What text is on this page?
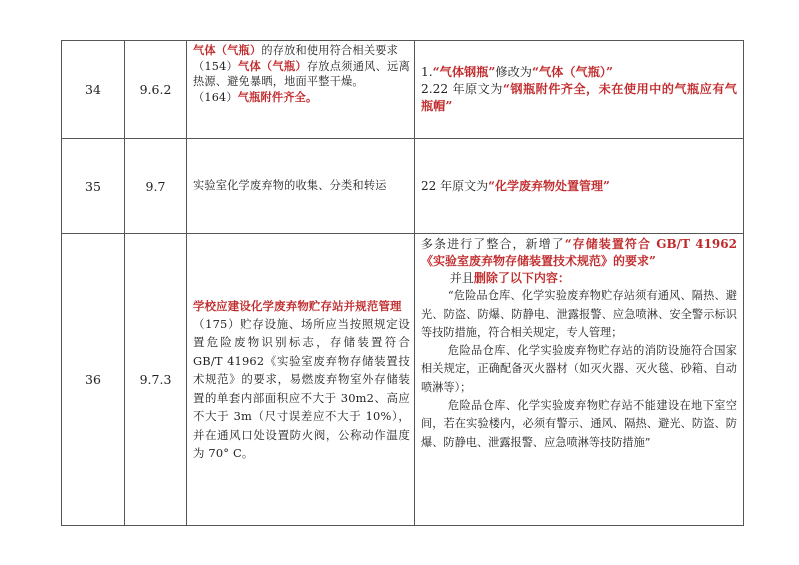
34	9.6.2	气体（气瓶）的存放和使用符合相关要求
（154）气体（气瓶）存放点须通风、远离热源、避免暴晒，地面平整干燥。
（164）气瓶附件齐全。	1.“气体钢瓶”修改为“气体（气瓶）”
2.22 年原文为“钢瓶附件齐全，未在使用中的气瓶应有气瓶帽”

35	9.7	实验室化学废弃物的收集、分类和转运	22 年原文为“化学废弃物处置管理”
36	9.7.3	学校应建设化学废弃物贮存站并规范管理
（175）贮存设施、场所应当按照规定设置危险废物识别标志，存储装置符合 GB/T 41962《实验室废弃物存储装置技术规范》的要求，易燃废弃物室外存储装置的单套内部面积应不大于 30m2、高应不大于 3m（尺寸误差应不大于 10%），并在通风口处设置防火阀，公称动作温度为 70° C。	多条进行了整合，新增了“存储装置符合 GB/T 41962《实验室废弃物存储装置技术规范》的要求”
并且删除了以下内容：
“危险品仓库、化学实验废弃物贮存站须有通风、隔热、避光、防盗、防爆、防静电、泄露报警、应急喷淋、安全警示标识等技防措施，符合相关规定，专人管理；
危险品仓库、化学实验废弃物贮存站的消防设施符合国家相关规定，正确配备灭火器材（如灭火器、灭火毯、砂箱、自动喷淋等）；
危险品仓库、化学实验废弃物贮存站不能建设在地下室空间，若在实验楼内，必须有警示、通风、隔热、避光、防盗、防爆、防静电、泄露报警、应急喷淋等技防措施”
